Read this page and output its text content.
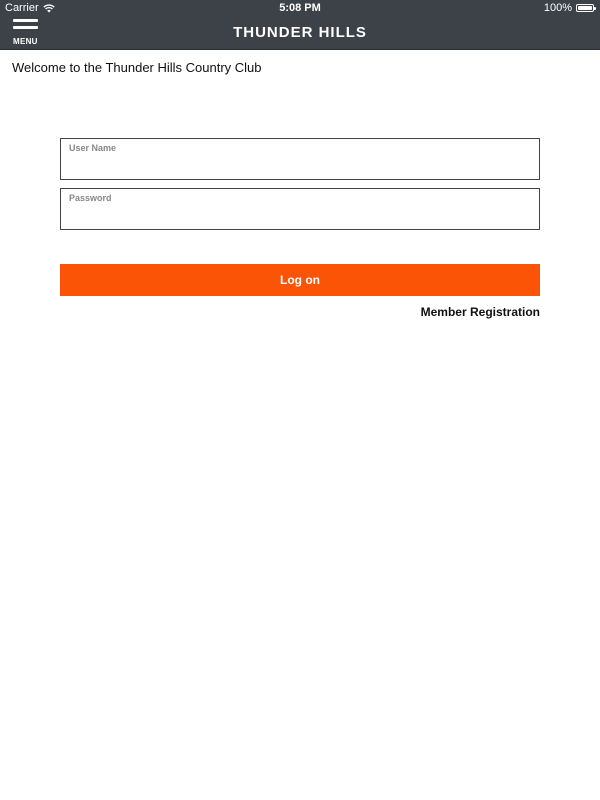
Carrier	5:08 PM	100%
MENU
THUNDER HILLS
Welcome to the Thunder Hills Country Club
User Name
Password
Log on
Member Registration
